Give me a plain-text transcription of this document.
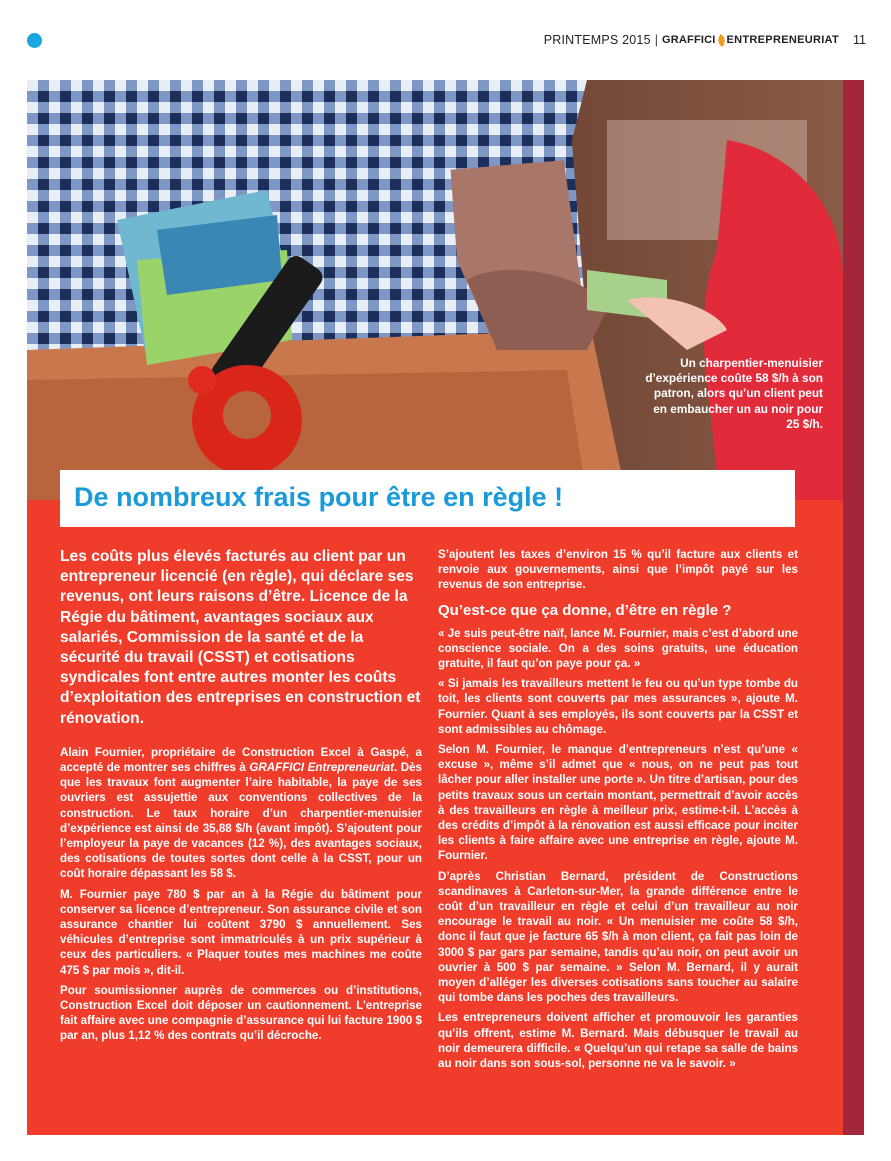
PRINTEMPS 2015 | GRAFFICI ENTREPRENEURIAT 11
Un charpentier-menuisier d’expérience coûte 58 $/h à son patron, alors qu’un client peut en embaucher un au noir pour 25 $/h.
De nombreux frais pour être en règle !

Les coûts plus élevés facturés au client par un entrepreneur licencié (en règle), qui déclare ses revenus, ont leurs raisons d’être. Licence de la Régie du bâtiment, avantages sociaux aux salariés, Commission de la santé et de la sécurité du travail (CSST) et cotisations syndicales font entre autres monter les coûts d’exploitation des entreprises en construction et rénovation.

Alain Fournier, propriétaire de Construction Excel à Gaspé, a accepté de montrer ses chiffres à GRAFFICI Entrepreneuriat. Dès que les travaux font augmenter l’aire habitable, la paye de ses ouvriers est assujettie aux conventions collectives de la construction. Le taux horaire d’un charpentier-menuisier d’expérience est ainsi de 35,88 $/h (avant impôt). S’ajoutent pour l’employeur la paye de vacances (12 %), des avantages sociaux, des cotisations de toutes sortes dont celle à la CSST, pour un coût horaire dépassant les 58 $.

M. Fournier paye 780 $ par an à la Régie du bâtiment pour conserver sa licence d’entrepreneur. Son assurance civile et son assurance chantier lui coûtent 3790 $ annuellement. Ses véhicules d’entreprise sont immatriculés à un prix supérieur à ceux des particuliers. « Plaquer toutes mes machines me coûte 475 $ par mois », dit-il.

Pour soumissionner auprès de commerces ou d’institutions, Construction Excel doit déposer un cautionnement. L’entreprise fait affaire avec une compagnie d’assurance qui lui facture 1900 $ par an, plus 1,12 % des contrats qu’il décroche.

S’ajoutent les taxes d’environ 15 % qu’il facture aux clients et renvoie aux gouvernements, ainsi que l’impôt payé sur les revenus de son entreprise.

Qu’est-ce que ça donne, d’être en règle ?

« Je suis peut-être naïf, lance M. Fournier, mais c’est d’abord une conscience sociale. On a des soins gratuits, une éducation gratuite, il faut qu’on paye pour ça. »

« Si jamais les travailleurs mettent le feu ou qu’un type tombe du toit, les clients sont couverts par mes assurances », ajoute M. Fournier. Quant à ses employés, ils sont couverts par la CSST et sont admissibles au chômage.

Selon M. Fournier, le manque d’entrepreneurs n’est qu’une « excuse », même s’il admet que « nous, on ne peut pas tout lâcher pour aller installer une porte ». Un titre d’artisan, pour des petits travaux sous un certain montant, permettrait d’avoir accès à des travailleurs en règle à meilleur prix, estime-t-il. L’accès à des crédits d’impôt à la rénovation est aussi efficace pour inciter les clients à faire affaire avec une entreprise en règle, ajoute M. Fournier.

D’après Christian Bernard, président de Constructions scandinaves à Carleton-sur-Mer, la grande différence entre le coût d’un travailleur en règle et celui d’un travailleur au noir encourage le travail au noir. « Un menuisier me coûte 58 $/h, donc il faut que je facture 65 $/h à mon client, ça fait pas loin de 3000 $ par gars par semaine, tandis qu’au noir, on peut avoir un ouvrier à 500 $ par semaine. » Selon M. Bernard, il y aurait moyen d’alléger les diverses cotisations sans toucher au salaire qui tombe dans les poches des travailleurs.

Les entrepreneurs doivent afficher et promouvoir les garanties qu’ils offrent, estime M. Bernard. Mais débusquer le travail au noir demeurera difficile. « Quelqu’un qui retape sa salle de bains au noir dans son sous-sol, personne ne va le savoir. »
